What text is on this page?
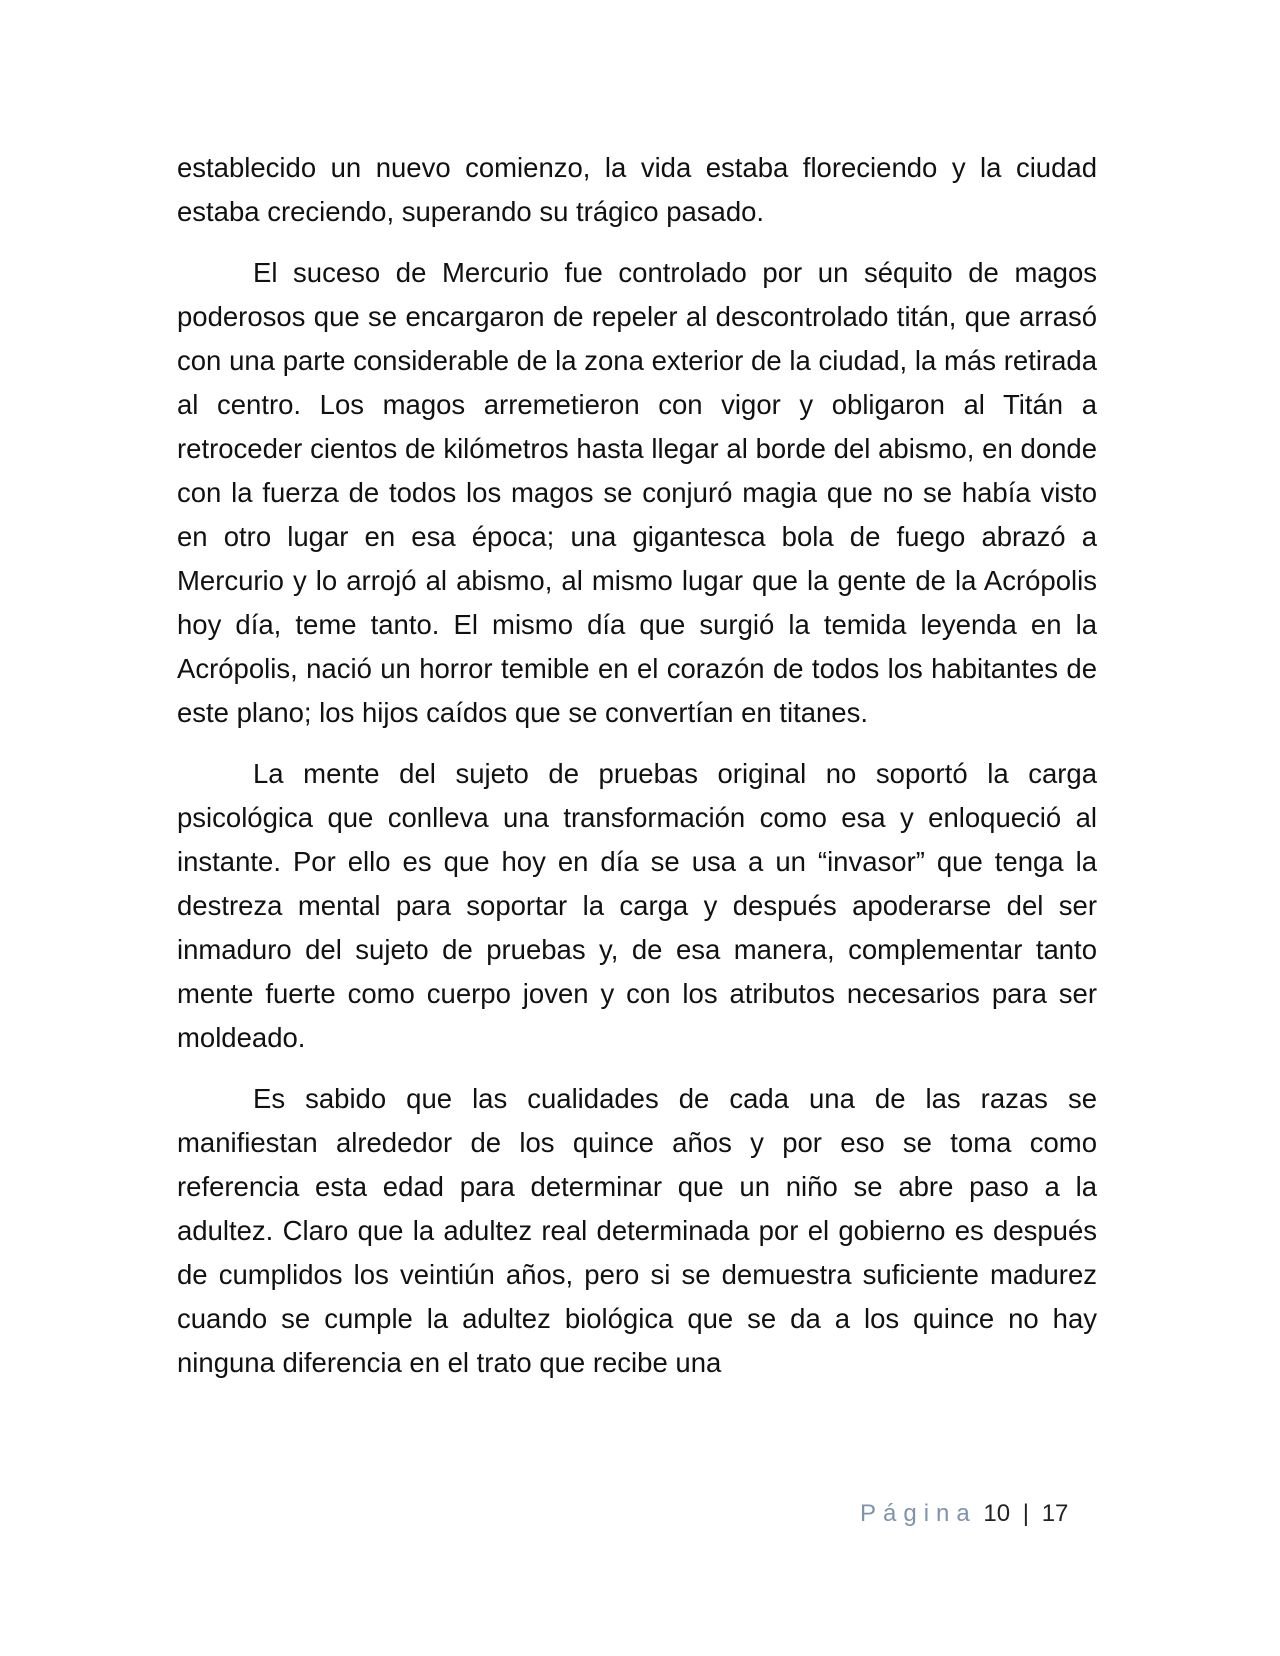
establecido un nuevo comienzo, la vida estaba floreciendo y la ciudad estaba creciendo, superando su trágico pasado.

El suceso de Mercurio fue controlado por un séquito de magos poderosos que se encargaron de repeler al descontrolado titán, que arrasó con una parte considerable de la zona exterior de la ciudad, la más retirada al centro. Los magos arremetieron con vigor y obligaron al Titán a retroceder cientos de kilómetros hasta llegar al borde del abismo, en donde con la fuerza de todos los magos se conjuró magia que no se había visto en otro lugar en esa época; una gigantesca bola de fuego abrazó a Mercurio y lo arrojó al abismo, al mismo lugar que la gente de la Acrópolis hoy día, teme tanto. El mismo día que surgió la temida leyenda en la Acrópolis, nació un horror temible en el corazón de todos los habitantes de este plano; los hijos caídos que se convertían en titanes.

La mente del sujeto de pruebas original no soportó la carga psicológica que conlleva una transformación como esa y enloqueció al instante. Por ello es que hoy en día se usa a un “invasor” que tenga la destreza mental para soportar la carga y después apoderarse del ser inmaduro del sujeto de pruebas y, de esa manera, complementar tanto mente fuerte como cuerpo joven y con los atributos necesarios para ser moldeado.

Es sabido que las cualidades de cada una de las razas se manifiestan alrededor de los quince años y por eso se toma como referencia esta edad para determinar que un niño se abre paso a la adultez. Claro que la adultez real determinada por el gobierno es después de cumplidos los veintiún años, pero si se demuestra suficiente madurez cuando se cumple la adultez biológica que se da a los quince no hay ninguna diferencia en el trato que recibe una

Página 10 | 17
